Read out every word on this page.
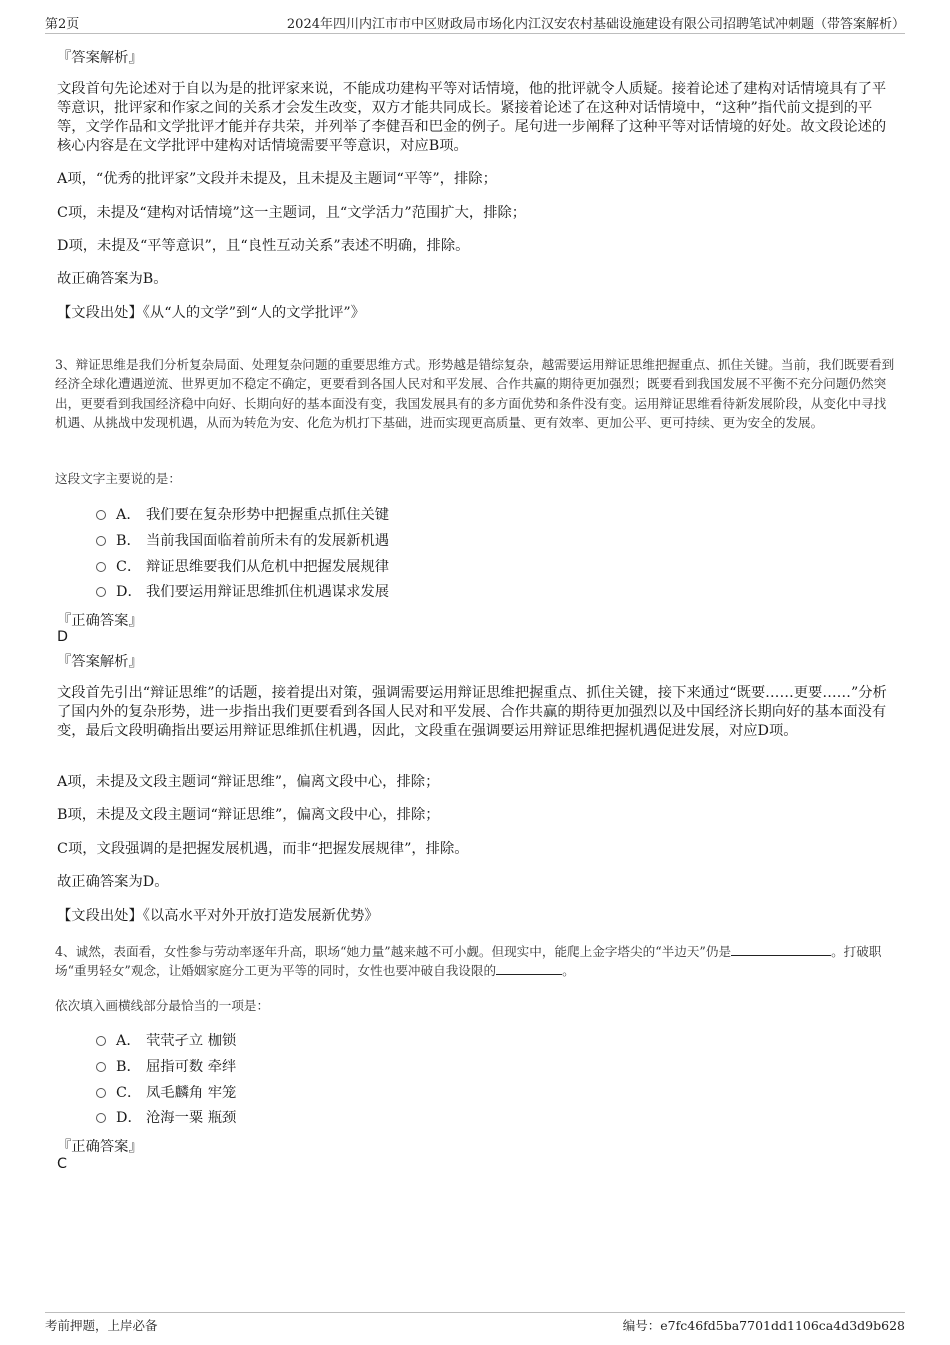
第2页	2024年四川内江市市中区财政局市场化内江汉安农村基础设施建设有限公司招聘笔试冲刺题（带答案解析）
『答案解析』
文段首句先论述对于自以为是的批评家来说，不能成功建构平等对话情境，他的批评就令人质疑。接着论述了建构对话情境具有了平等意识，批评家和作家之间的关系才会发生改变，双方才能共同成长。紧接着论述了在这种对话情境中，“这种”指代前文提到的平等，文学作品和文学批评才能并存共荣，并列举了李健吾和巴金的例子。尾句进一步阐释了这种平等对话情境的好处。故文段论述的核心内容是在文学批评中建构对话情境需要平等意识，对应B项。
A项，“优秀的批评家”文段并未提及，且未提及主题词“平等”，排除；
C项，未提及“建构对话情境”这一主题词，且“文学活力”范围扩大，排除；
D项，未提及“平等意识”，且“良性互动关系”表述不明确，排除。
故正确答案为B。
【文段出处】《从“人的文学”到“人的文学批评”》
3、辩证思维是我们分析复杂局面、处理复杂问题的重要思维方式。形势越是错综复杂，越需要运用辩证思维把握重点、抓住关键。当前，我们既要看到经济全球化遭遇逆流、世界更加不稳定不确定，更要看到各国人民对和平发展、合作共赢的期待更加强烈；既要看到我国发展不平衡不充分问题仍然突出，更要看到我国经济稳中向好、长期向好的基本面没有变，我国发展具有的多方面优势和条件没有变。运用辩证思维看待新发展阶段，从变化中寻找机遇、从挑战中发现机遇，从而为转危为安、化危为机打下基础，进而实现更高质量、更有效率、更加公平、更可持续、更为安全的发展。
这段文字主要说的是：
A． 我们要在复杂形势中把握重点抓住关键
B． 当前我国面临着前所未有的发展新机遇
C． 辩证思维要我们从危机中把握发展规律
D． 我们要运用辩证思维抓住机遇谋求发展
『正确答案』
D
『答案解析』
文段首先引出“辩证思维”的话题，接着提出对策，强调需要运用辩证思维把握重点、抓住关键，接下来通过“既要……更要……”分析了国内外的复杂形势，进一步指出我们更要看到各国人民对和平发展、合作共赢的期待更加强烈以及中国经济长期向好的基本面没有变，最后文段明确指出要运用辩证思维抓住机遇，因此，文段重在强调要运用辩证思维把握机遇促进发展，对应D项。
A项，未提及文段主题词“辩证思维”，偏离文段中心，排除；
B项，未提及文段主题词“辩证思维”，偏离文段中心，排除；
C项，文段强调的是把握发展机遇，而非“把握发展规律”，排除。
故正确答案为D。
【文段出处】《以高水平对外开放打造发展新优势》
4、诚然，表面看，女性参与劳动率逐年升高，职场“她力量”越来越不可小觑。但现实中，能爬上金字塔尖的“半边天”仍是	。打破职场“重男轻女”观念，让婚姻家庭分工更为平等的同时，女性也要冲破自我设限的	。
依次填入画横线部分最恰当的一项是：
A． 茕茕孑立 枷锁
B． 屈指可数 牵绊
C． 凤毛麟角 牢笼
D． 沧海一粟 瓶颈
『正确答案』
C
考前押题，上岸必备	编号：e7fc46fd5ba7701dd1106ca4d3d9b628
